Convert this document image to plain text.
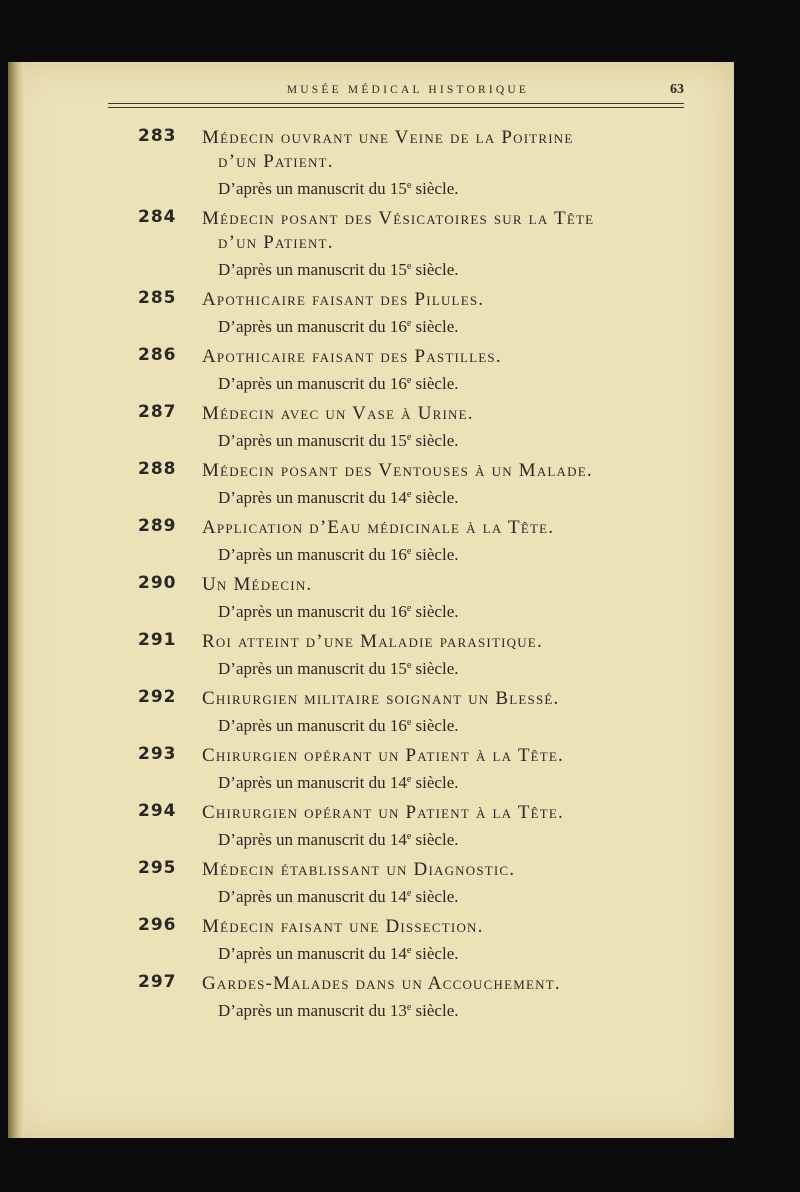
MUSÉE MÉDICAL HISTORIQUE	63
283 Médecin ouvrant une Veine de la Poitrine
d’un Patient.
D’après un manuscrit du 15e siècle.
284 Médecin posant des Vésicatoires sur la Tête
d’un Patient.
D’après un manuscrit du 15e siècle.
285 Apothicaire faisant des Pilules.
D’après un manuscrit du 16e siècle.
286 Apothicaire faisant des Pastilles.
D’après un manuscrit du 16e siècle.
287 Médecin avec un Vase à Urine.
D’après un manuscrit du 15e siècle.
288 Médecin posant des Ventouses à un Malade.
D’après un manuscrit du 14e siècle.
289 Application d’Eau médicinale à la Tête.
D’après un manuscrit du 16e siècle.
290 Un Médecin.
D’après un manuscrit du 16e siècle.
291 Roi atteint d’une Maladie parasitique.
D’après un manuscrit du 15e siècle.
292 Chirurgien militaire soignant un Blessé.
D’après un manuscrit du 16e siècle.
293 Chirurgien opérant un Patient à la Tête.
D’après un manuscrit du 14e siècle.
294 Chirurgien opérant un Patient à la Tête.
D’après un manuscrit du 14e siècle.
295 Médecin établissant un Diagnostic.
D’après un manuscrit du 14e siècle.
296 Médecin faisant une Dissection.
D’après un manuscrit du 14e siècle.
297 Gardes-Malades dans un Accouchement.
D’après un manuscrit du 13e siècle.
